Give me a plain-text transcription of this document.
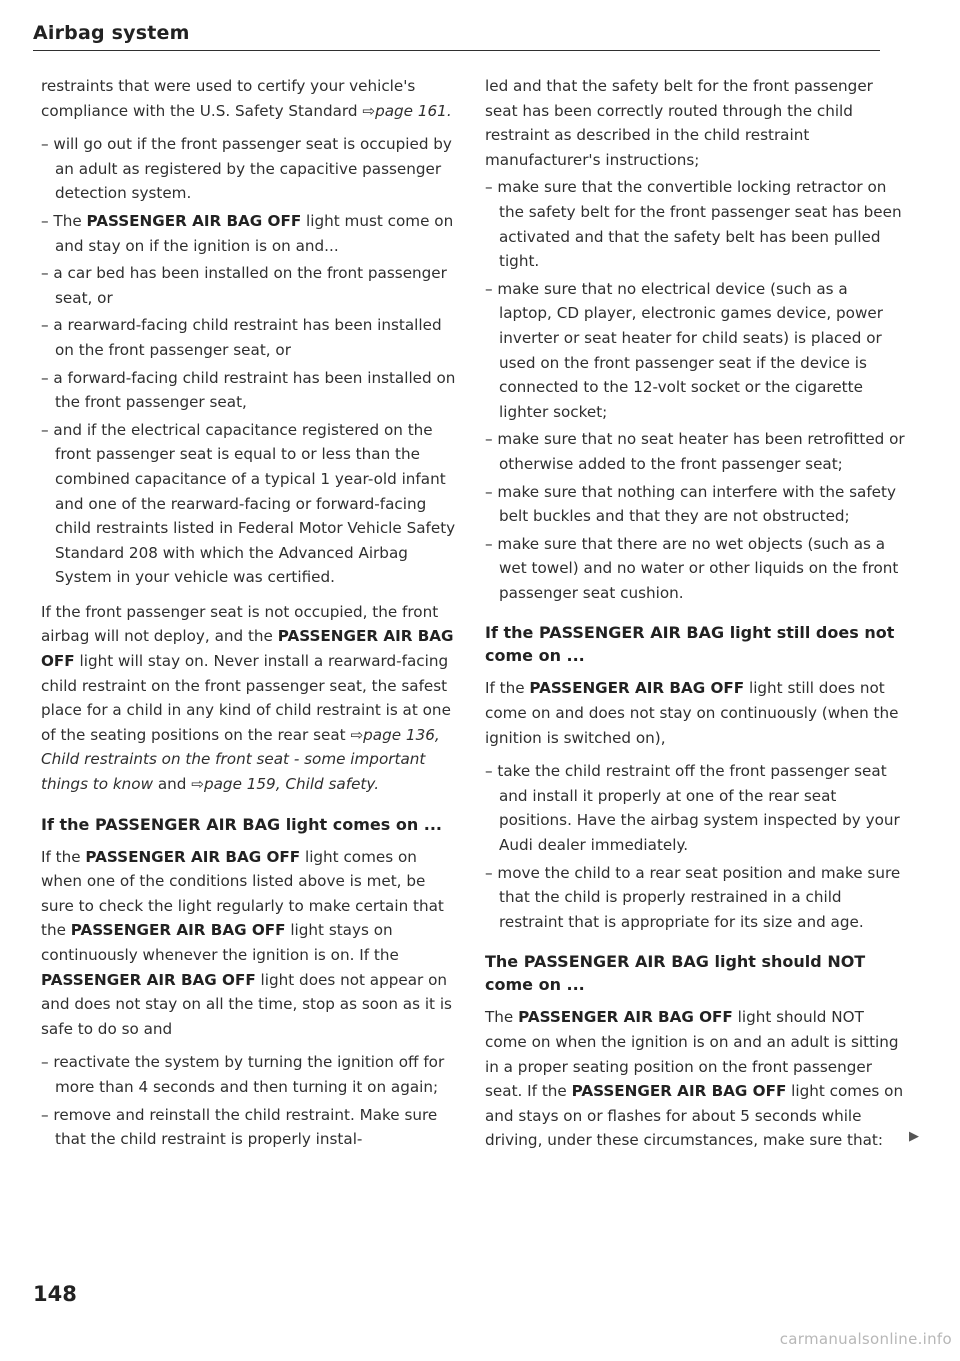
Airbag system

restraints that were used to certify your vehicle's compliance with the U.S. Safety Standard ⇨page 161.

– will go out if the front passenger seat is occupied by an adult as registered by the capacitive passenger detection system.
– The PASSENGER AIR BAG OFF light must come on and stay on if the ignition is on and...
– a car bed has been installed on the front passenger seat, or
– a rearward-facing child restraint has been installed on the front passenger seat, or
– a forward-facing child restraint has been installed on the front passenger seat,
– and if the electrical capacitance registered on the front passenger seat is equal to or less than the combined capacitance of a typical 1 year-old infant and one of the rearward-facing or forward-facing child restraints listed in Federal Motor Vehicle Safety Standard 208 with which the Advanced Airbag System in your vehicle was certified.

If the front passenger seat is not occupied, the front airbag will not deploy, and the PASSENGER AIR BAG OFF light will stay on. Never install a rearward-facing child restraint on the front passenger seat, the safest place for a child in any kind of child restraint is at one of the seating positions on the rear seat ⇨page 136, Child restraints on the front seat - some important things to know and ⇨page 159, Child safety.

If the PASSENGER AIR BAG light comes on ...

If the PASSENGER AIR BAG OFF light comes on when one of the conditions listed above is met, be sure to check the light regularly to make certain that the PASSENGER AIR BAG OFF light stays on continuously whenever the ignition is on. If the PASSENGER AIR BAG OFF light does not appear on and does not stay on all the time, stop as soon as it is safe to do so and

– reactivate the system by turning the ignition off for more than 4 seconds and then turning it on again;
– remove and reinstall the child restraint. Make sure that the child restraint is properly instal-
led and that the safety belt for the front passenger seat has been correctly routed through the child restraint as described in the child restraint manufacturer's instructions;
– make sure that the convertible locking retractor on the safety belt for the front passenger seat has been activated and that the safety belt has been pulled tight.
– make sure that no electrical device (such as a laptop, CD player, electronic games device, power inverter or seat heater for child seats) is placed or used on the front passenger seat if the device is connected to the 12-volt socket or the cigarette lighter socket;
– make sure that no seat heater has been retrofitted or otherwise added to the front passenger seat;
– make sure that nothing can interfere with the safety belt buckles and that they are not obstructed;
– make sure that there are no wet objects (such as a wet towel) and no water or other liquids on the front passenger seat cushion.
If the PASSENGER AIR BAG light still does not come on ...

If the PASSENGER AIR BAG OFF light still does not come on and does not stay on continuously (when the ignition is switched on),

– take the child restraint off the front passenger seat and install it properly at one of the rear seat positions. Have the airbag system inspected by your Audi dealer immediately.
– move the child to a rear seat position and make sure that the child is properly restrained in a child restraint that is appropriate for its size and age.
The PASSENGER AIR BAG light should NOT come on ...

The PASSENGER AIR BAG OFF light should NOT come on when the ignition is on and an adult is sitting in a proper seating position on the front passenger seat. If the PASSENGER AIR BAG OFF light comes on and stays on or flashes for about 5 seconds while driving, under these circumstances, make sure that:	▶
148
carmanualsonline.info
